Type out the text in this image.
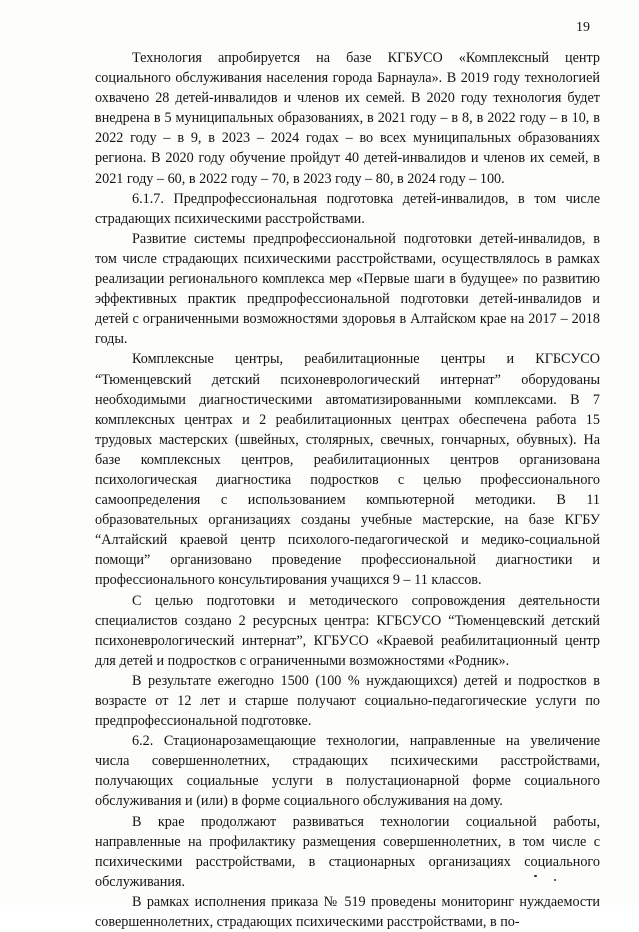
19

Технология апробируется на базе КГБУСО «Комплексный центр социального обслуживания населения города Барнаула». В 2019 году технологией охвачено 28 детей-инвалидов и членов их семей. В 2020 году технология будет внедрена в 5 муниципальных образованиях, в 2021 году – в 8, в 2022 году – в 10, в 2022 году – в 9, в 2023 – 2024 годах – во всех муниципальных образованиях региона. В 2020 году обучение пройдут 40 детей-инвалидов и членов их семей, в 2021 году – 60, в 2022 году – 70, в 2023 году – 80, в 2024 году – 100.

6.1.7. Предпрофессиональная подготовка детей-инвалидов, в том числе страдающих психическими расстройствами.

Развитие системы предпрофессиональной подготовки детей-инвалидов, в том числе страдающих психическими расстройствами, осуществлялось в рамках реализации регионального комплекса мер «Первые шаги в будущее» по развитию эффективных практик предпрофессиональной подготовки детей-инвалидов и детей с ограниченными возможностями здоровья в Алтайском крае на 2017 – 2018 годы.

Комплексные центры, реабилитационные центры и КГБСУСО “Тюменцевский детский психоневрологический интернат” оборудованы необходимыми диагностическими автоматизированными комплексами. В 7 комплексных центрах и 2 реабилитационных центрах обеспечена работа 15 трудовых мастерских (швейных, столярных, свечных, гончарных, обувных). На базе комплексных центров, реабилитационных центров организована психологическая диагностика подростков с целью профессионального самоопределения с использованием компьютерной методики. В 11 образовательных организациях созданы учебные мастерские, на базе КГБУ “Алтайский краевой центр психолого-педагогической и медико-социальной помощи” организовано проведение профессиональной диагностики и профессионального консультирования учащихся 9 – 11 классов.

С целью подготовки и методического сопровождения деятельности специалистов создано 2 ресурсных центра: КГБСУСО “Тюменцевский детский психоневрологический интернат”, КГБУСО «Краевой реабилитационный центр для детей и подростков с ограниченными возможностями «Родник».

В результате ежегодно 1500 (100 % нуждающихся) детей и подростков в возрасте от 12 лет и старше получают социально-педагогические услуги по предпрофессиональной подготовке.

6.2. Стационарозамещающие технологии, направленные на увеличение числа совершеннолетних, страдающих психическими расстройствами, получающих социальные услуги в полустационарной форме социального обслуживания и (или) в форме социального обслуживания на дому.

В крае продолжают развиваться технологии социальной работы, направленные на профилактику размещения совершеннолетних, в том числе с психическими расстройствами, в стационарных организациях социального обслуживания.

В рамках исполнения приказа № 519 проведены мониторинг нуждаемости совершеннолетних, страдающих психическими расстройствами, в по-
